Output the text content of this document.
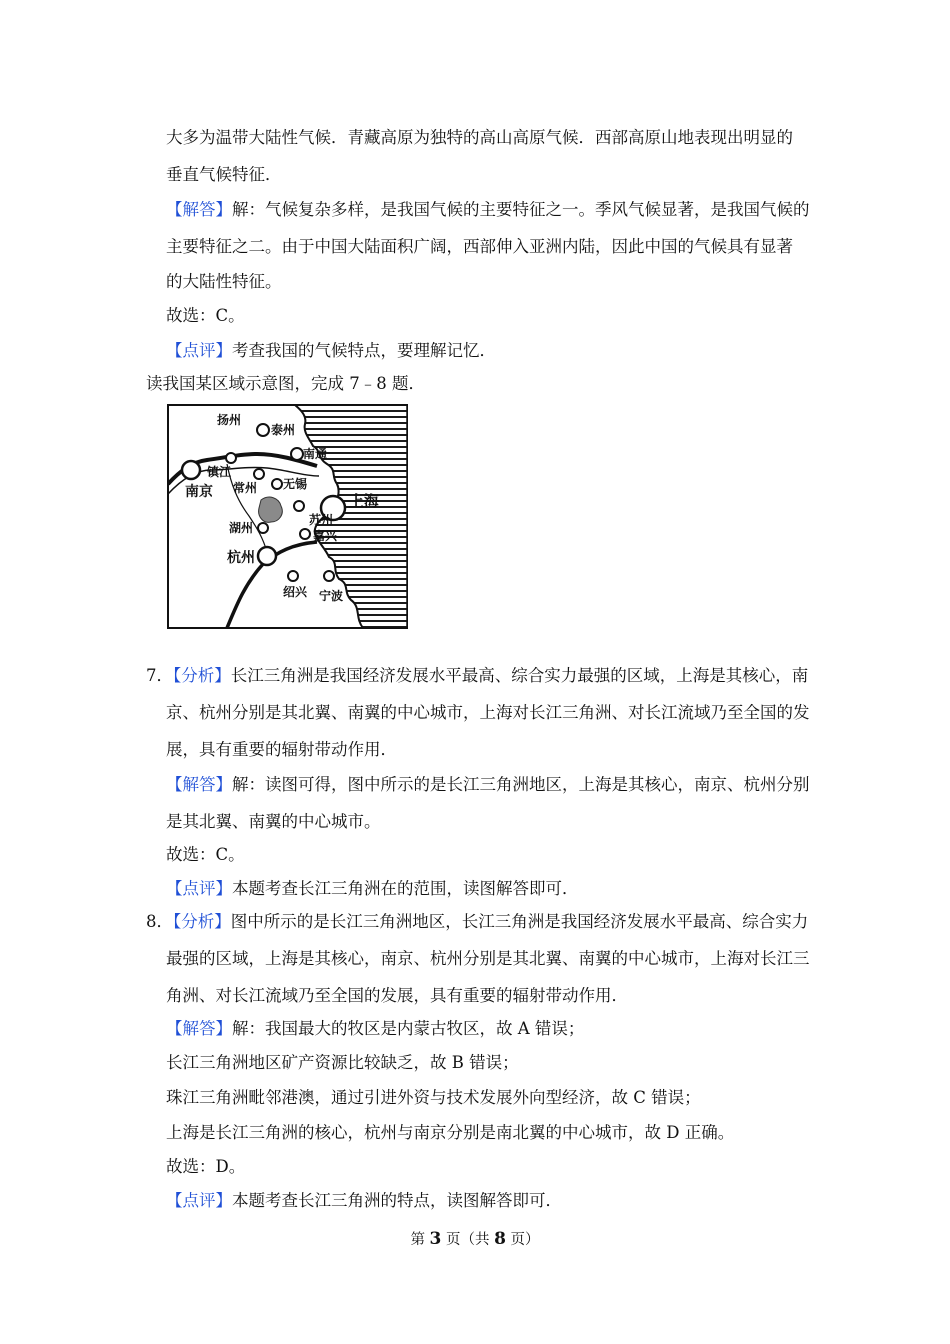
大多为温带大陆性气候．青藏高原为独特的高山高原气候．西部高原山地表现出明显的
垂直气候特征．
【解答】解：气候复杂多样，是我国气候的主要特征之一。季风气候显著，是我国气候的
主要特征之二。由于中国大陆面积广阔，西部伸入亚洲内陆，因此中国的气候具有显著
的大陆性特征。
故选：C。
【点评】考查我国的气候特点，要理解记忆．
读我国某区域示意图，完成 7﹣8 题．
扬州
泰州
南通
镇江
南京 常州 无锡
上海
苏州
湖州
嘉兴
杭州
绍兴 宁波
7．【分析】长江三角洲是我国经济发展水平最高、综合实力最强的区域，上海是其核心，南
京、杭州分别是其北翼、南翼的中心城市，上海对长江三角洲、对长江流域乃至全国的发
展，具有重要的辐射带动作用．
【解答】解：读图可得，图中所示的是长江三角洲地区，上海是其核心，南京、杭州分别
是其北翼、南翼的中心城市。
故选：C。
【点评】本题考查长江三角洲在的范围，读图解答即可．
8．【分析】图中所示的是长江三角洲地区，长江三角洲是我国经济发展水平最高、综合实力
最强的区域，上海是其核心，南京、杭州分别是其北翼、南翼的中心城市，上海对长江三
角洲、对长江流域乃至全国的发展，具有重要的辐射带动作用．
【解答】解：我国最大的牧区是内蒙古牧区，故 A 错误；
长江三角洲地区矿产资源比较缺乏，故 B 错误；
珠江三角洲毗邻港澳，通过引进外资与技术发展外向型经济，故 C 错误；
上海是长江三角洲的核心，杭州与南京分别是南北翼的中心城市，故 D 正确。
故选：D。
【点评】本题考查长江三角洲的特点，读图解答即可．
第 3 页（共 8 页）
